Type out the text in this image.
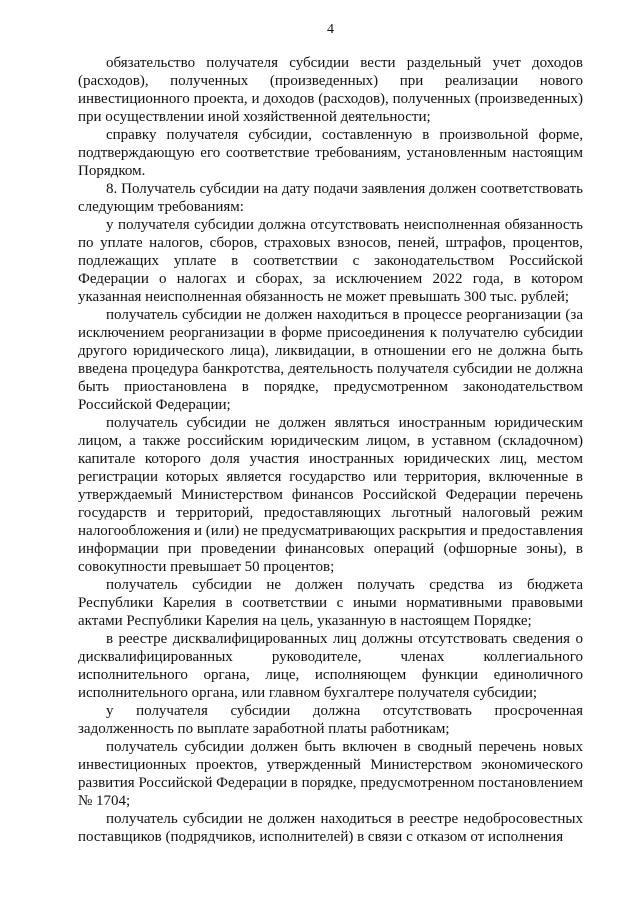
4

обязательство получателя субсидии вести раздельный учет доходов (расходов), полученных (произведенных) при реализации нового инвестиционного проекта, и доходов (расходов), полученных (произведенных) при осуществлении иной хозяйственной деятельности;

справку получателя субсидии, составленную в произвольной форме, подтверждающую его соответствие требованиям, установленным настоящим Порядком.

8. Получатель субсидии на дату подачи заявления должен соответствовать следующим требованиям:

у получателя субсидии должна отсутствовать неисполненная обязанность по уплате налогов, сборов, страховых взносов, пеней, штрафов, процентов, подлежащих уплате в соответствии с законодательством Российской Федерации о налогах и сборах, за исключением 2022 года, в котором указанная неисполненная обязанность не может превышать 300 тыс. рублей;

получатель субсидии не должен находиться в процессе реорганизации (за исключением реорганизации в форме присоединения к получателю субсидии другого юридического лица), ликвидации, в отношении его не должна быть введена процедура банкротства, деятельность получателя субсидии не должна быть приостановлена в порядке, предусмотренном законодательством Российской Федерации;

получатель субсидии не должен являться иностранным юридическим лицом, а также российским юридическим лицом, в уставном (складочном) капитале которого доля участия иностранных юридических лиц, местом регистрации которых является государство или территория, включенные в утверждаемый Министерством финансов Российской Федерации перечень государств и территорий, предоставляющих льготный налоговый режим налогообложения и (или) не предусматривающих раскрытия и предоставления информации при проведении финансовых операций (офшорные зоны), в совокупности превышает 50 процентов;

получатель субсидии не должен получать средства из бюджета Республики Карелия в соответствии с иными нормативными правовыми актами Республики Карелия на цель, указанную в настоящем Порядке;

в реестре дисквалифицированных лиц должны отсутствовать сведения о дисквалифицированных руководителе, членах коллегиального исполнительного органа, лице, исполняющем функции единоличного исполнительного органа, или главном бухгалтере получателя субсидии;

у получателя субсидии должна отсутствовать просроченная задолженность по выплате заработной платы работникам;

получатель субсидии должен быть включен в сводный перечень новых инвестиционных проектов, утвержденный Министерством экономического развития Российской Федерации в порядке, предусмотренном постановлением № 1704;

получатель субсидии не должен находиться в реестре недобросовестных поставщиков (подрядчиков, исполнителей) в связи с отказом от исполнения
